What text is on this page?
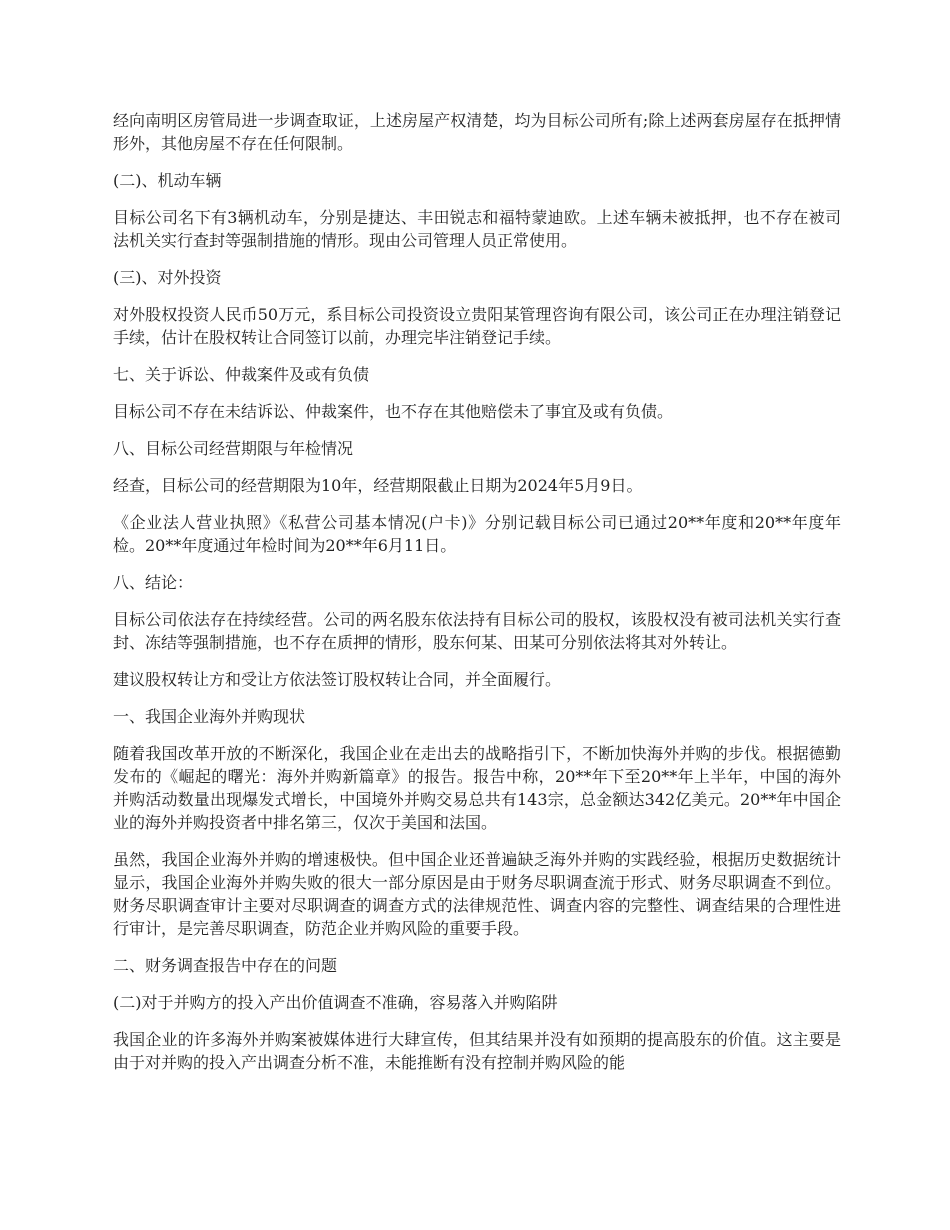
经向南明区房管局进一步调查取证，上述房屋产权清楚，均为目标公司所有;除上述两套房屋存在抵押情形外，其他房屋不存在任何限制。

(二)、机动车辆

目标公司名下有3辆机动车，分别是捷达、丰田锐志和福特蒙迪欧。上述车辆未被抵押，也不存在被司法机关实行查封等强制措施的情形。现由公司管理人员正常使用。

(三)、对外投资

对外股权投资人民币50万元，系目标公司投资设立贵阳某管理咨询有限公司，该公司正在办理注销登记手续，估计在股权转让合同签订以前，办理完毕注销登记手续。

七、关于诉讼、仲裁案件及或有负债

目标公司不存在未结诉讼、仲裁案件，也不存在其他赔偿未了事宜及或有负债。

八、目标公司经营期限与年检情况

经查，目标公司的经营期限为10年，经营期限截止日期为2024年5月9日。

《企业法人营业执照》《私营公司基本情况(户卡)》分别记载目标公司已通过20**年度和20**年度年检。20**年度通过年检时间为20**年6月11日。

八、结论：

目标公司依法存在持续经营。公司的两名股东依法持有目标公司的股权，该股权没有被司法机关实行查封、冻结等强制措施，也不存在质押的情形，股东何某、田某可分别依法将其对外转让。

建议股权转让方和受让方依法签订股权转让合同，并全面履行。

一、我国企业海外并购现状

随着我国改革开放的不断深化，我国企业在走出去的战略指引下，不断加快海外并购的步伐。根据德勤发布的《崛起的曙光：海外并购新篇章》的报告。报告中称，20**年下至20**年上半年，中国的海外并购活动数量出现爆发式增长，中国境外并购交易总共有143宗，总金额达342亿美元。20**年中国企业的海外并购投资者中排名第三，仅次于美国和法国。

虽然，我国企业海外并购的增速极快。但中国企业还普遍缺乏海外并购的实践经验，根据历史数据统计显示，我国企业海外并购失败的很大一部分原因是由于财务尽职调查流于形式、财务尽职调查不到位。财务尽职调查审计主要对尽职调查的调查方式的法律规范性、调查内容的完整性、调查结果的合理性进行审计，是完善尽职调查，防范企业并购风险的重要手段。

二、财务调查报告中存在的问题

(二)对于并购方的投入产出价值调查不准确，容易落入并购陷阱

我国企业的许多海外并购案被媒体进行大肆宣传，但其结果并没有如预期的提高股东的价值。这主要是由于对并购的投入产出调查分析不准，未能推断有没有控制并购风险的能
